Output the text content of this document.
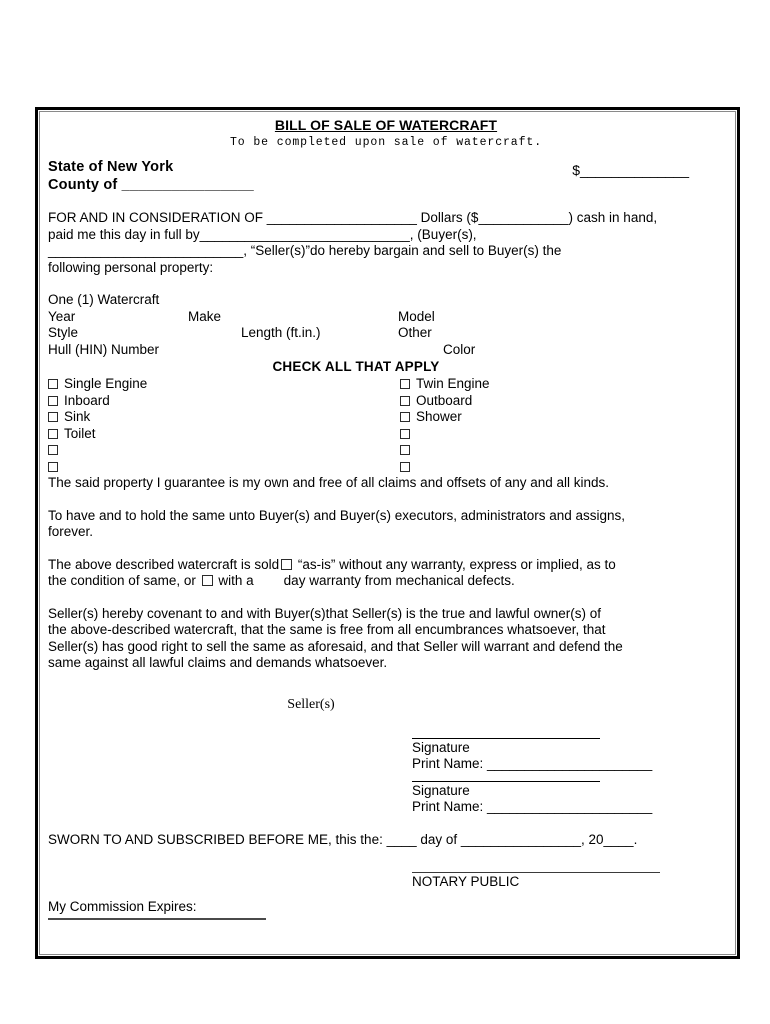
BILL OF SALE OF WATERCRAFT
To be completed upon sale of watercraft.
State of New York
County of ________________
$______________
FOR AND IN CONSIDERATION OF ____________________ Dollars ($____________) cash in hand,
paid me this day in full by____________________________, (Buyer(s),
__________________________, “Seller(s)”do hereby bargain and sell to Buyer(s) the
following personal property:
One (1) Watercraft
Year	Make	Model
Style	Length (ft.in.)	Other
Hull (HIN) Number	Color
CHECK ALL THAT APPLY
Single Engine	Twin Engine
Inboard	Outboard
Sink	Shower
Toilet
The said property I guarantee is my own and free of all claims and offsets of any and all kinds.
To have and to hold the same unto Buyer(s) and Buyer(s) executors, administrators and assigns,
forever.
The above described watercraft is sold “as-is” without any warranty, express or implied, as to
the condition of same, or with a day warranty from mechanical defects.
Seller(s) hereby covenant to and with Buyer(s)that Seller(s) is the true and lawful owner(s) of
the above-described watercraft, that the same is free from all encumbrances whatsoever, that
Seller(s) has good right to sell the same as aforesaid, and that Seller will warrant and defend the
same against all lawful claims and demands whatsoever.
Seller(s)
Signature
Print Name: ______________________
Signature
Print Name: ______________________
SWORN TO AND SUBSCRIBED BEFORE ME, this the: ____ day of ________________, 20____.
NOTARY PUBLIC
My Commission Expires:
